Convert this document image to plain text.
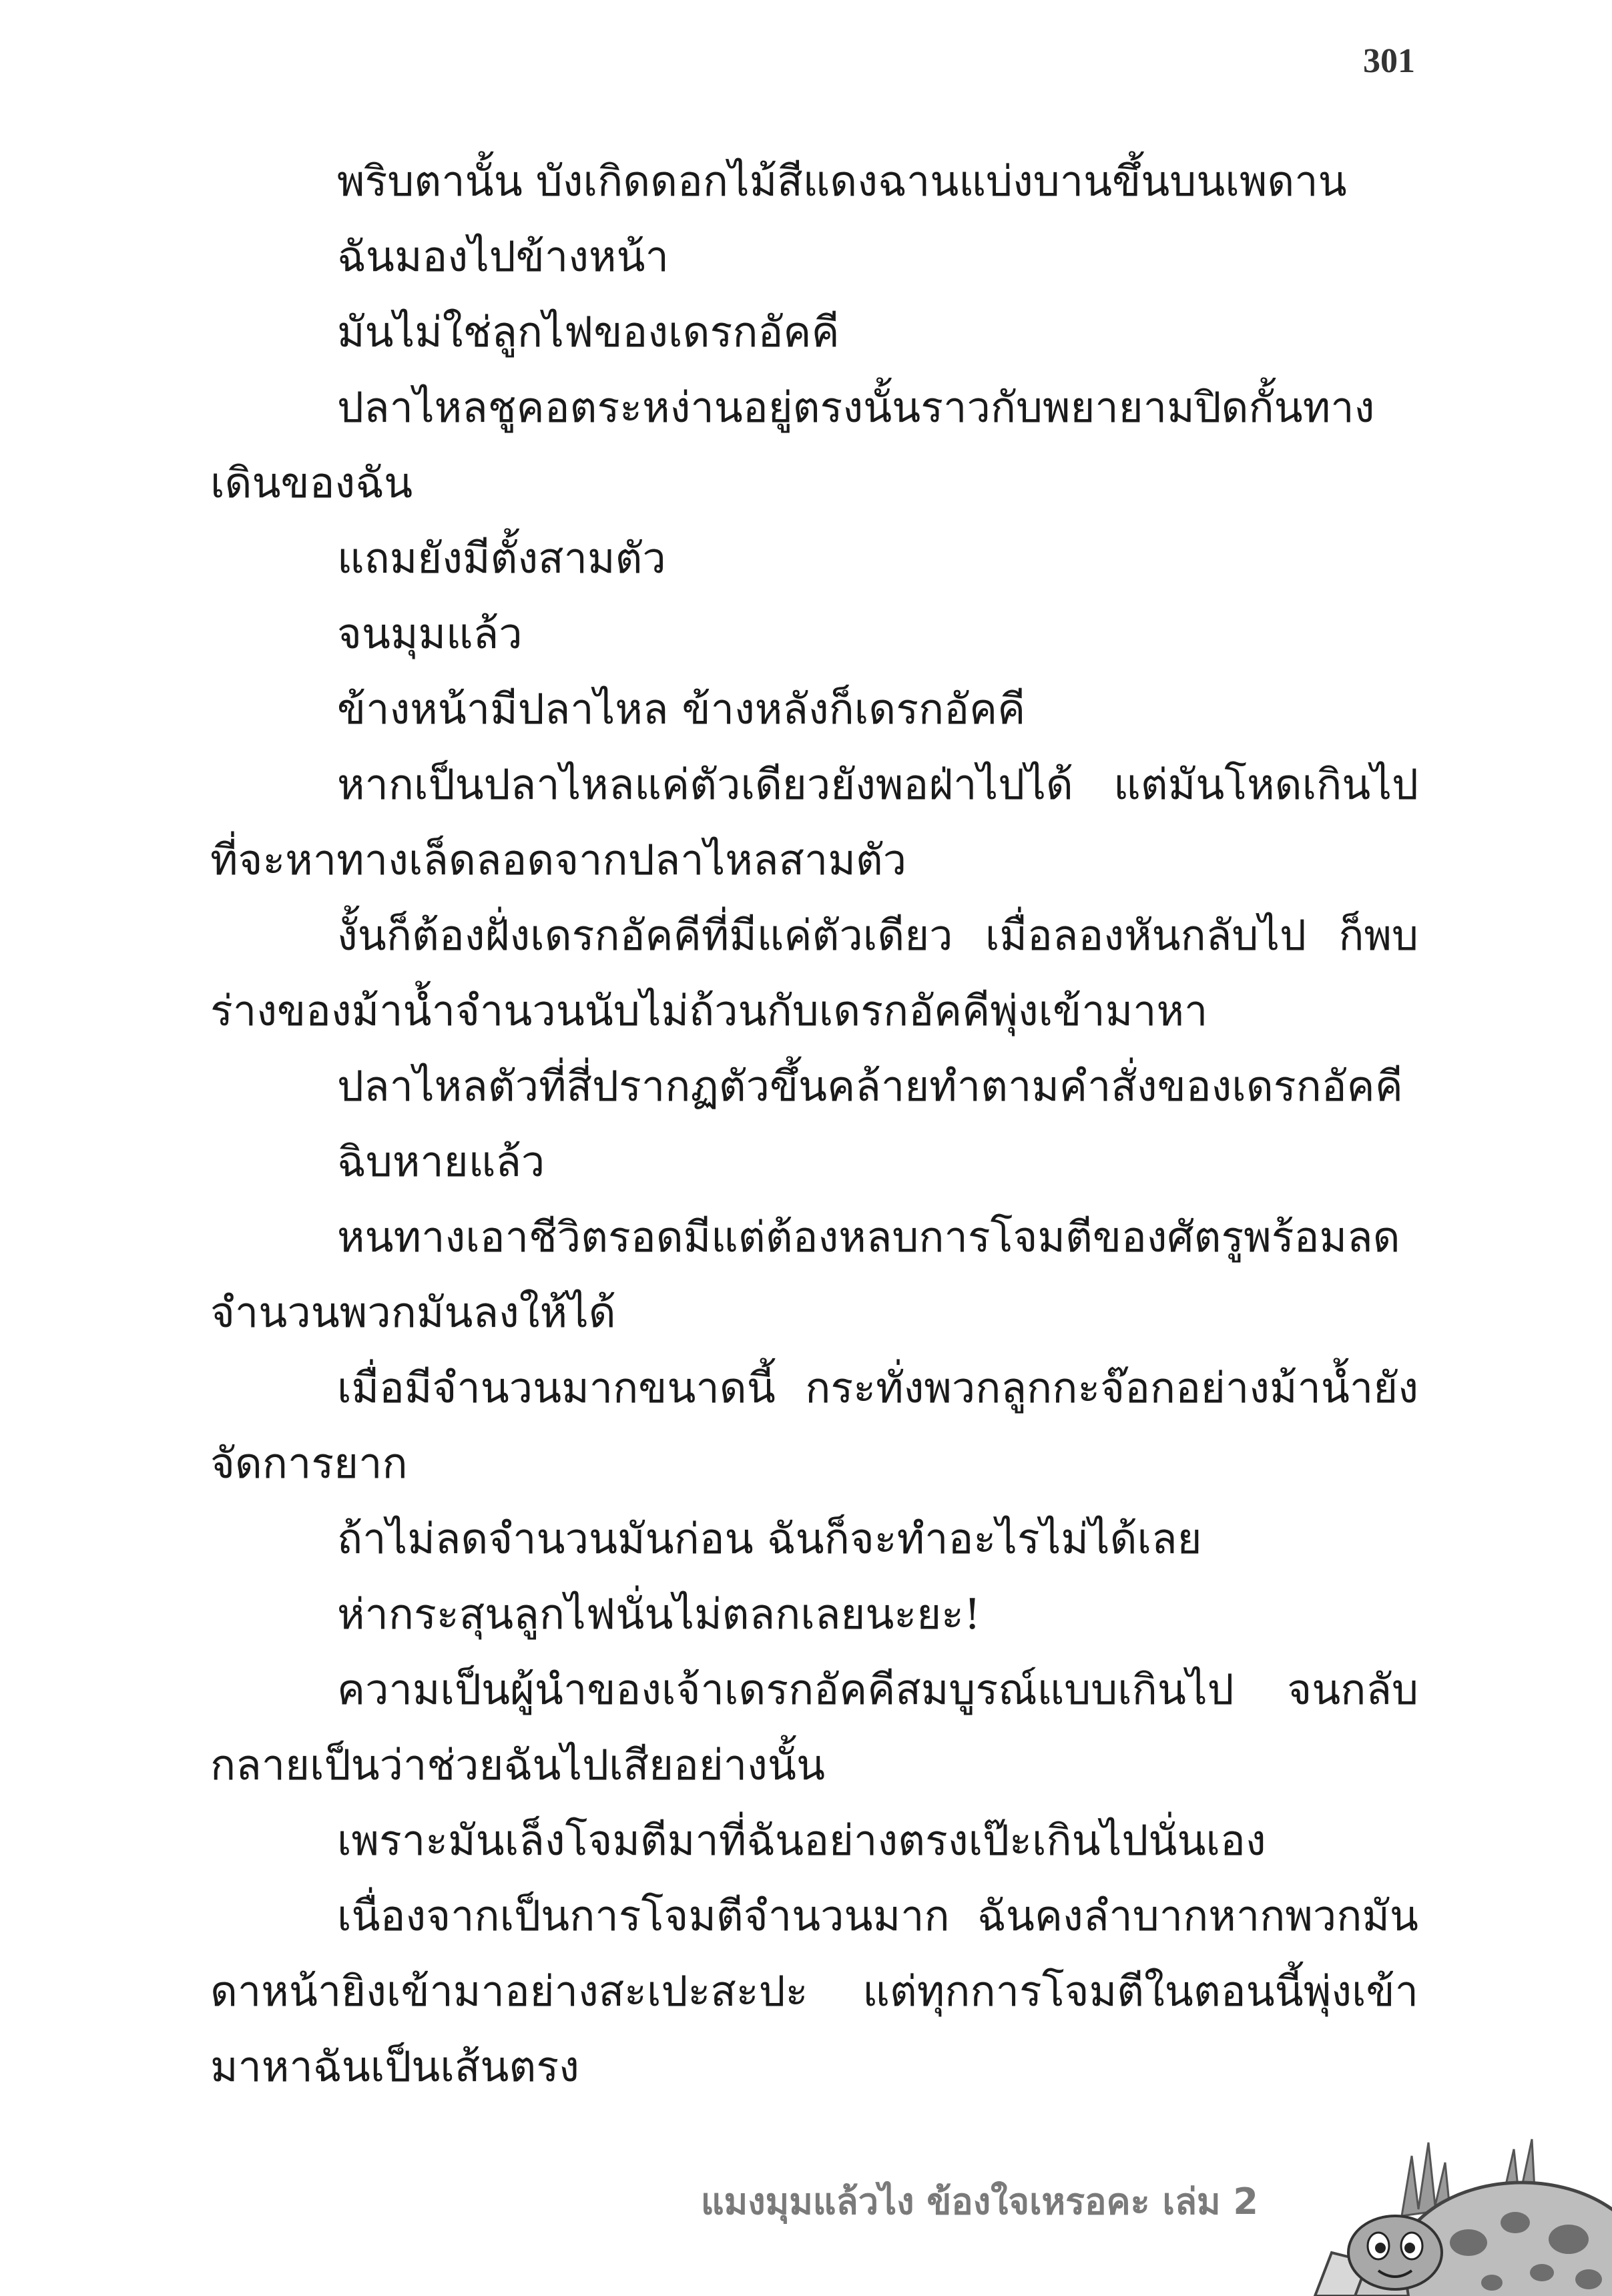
301

พริบตานั้น บังเกิดดอกไม้สีแดงฉานแบ่งบานขึ้นบนเพดาน

ฉันมองไปข้างหน้า

มันไม่ใช่ลูกไฟของเดรกอัคคี

ปลาไหลชูคอตระหง่านอยู่ตรงนั้นราวกับพยายามปิดกั้นทางเดินของฉัน

แถมยังมีตั้งสามตัว

จนมุมแล้ว

ข้างหน้ามีปลาไหล ข้างหลังก็เดรกอัคคี

หากเป็นปลาไหลแค่ตัวเดียวยังพอฝ่าไปได้ แต่มันโหดเกินไปที่จะหาทางเล็ดลอดจากปลาไหลสามตัว

งั้นก็ต้องฝั่งเดรกอัคคีที่มีแค่ตัวเดียว เมื่อลองหันกลับไป ก็พบร่างของม้าน้ำจำนวนนับไม่ถ้วนกับเดรกอัคคีพุ่งเข้ามาหา

ปลาไหลตัวที่สี่ปรากฏตัวขึ้นคล้ายทำตามคำสั่งของเดรกอัคคี

ฉิบหายแล้ว

หนทางเอาชีวิตรอดมีแต่ต้องหลบการโจมตีของศัตรูพร้อมลดจำนวนพวกมันลงให้ได้

เมื่อมีจำนวนมากขนาดนี้ กระทั่งพวกลูกกะจ๊อกอย่างม้าน้ำยังจัดการยาก

ถ้าไม่ลดจำนวนมันก่อน ฉันก็จะทำอะไรไม่ได้เลย

ห่ากระสุนลูกไฟนั่นไม่ตลกเลยนะยะ!

ความเป็นผู้นำของเจ้าเดรกอัคคีสมบูรณ์แบบเกินไป จนกลับกลายเป็นว่าช่วยฉันไปเสียอย่างนั้น

เพราะมันเล็งโจมตีมาที่ฉันอย่างตรงเป๊ะเกินไปนั่นเอง

เนื่องจากเป็นการโจมตีจำนวนมาก ฉันคงลำบากหากพวกมันดาหน้ายิงเข้ามาอย่างสะเปะสะปะ แต่ทุกการโจมตีในตอนนี้พุ่งเข้ามาหาฉันเป็นเส้นตรง

แมงมุมแล้วไง ข้องใจเหรอคะ เล่ม 2
